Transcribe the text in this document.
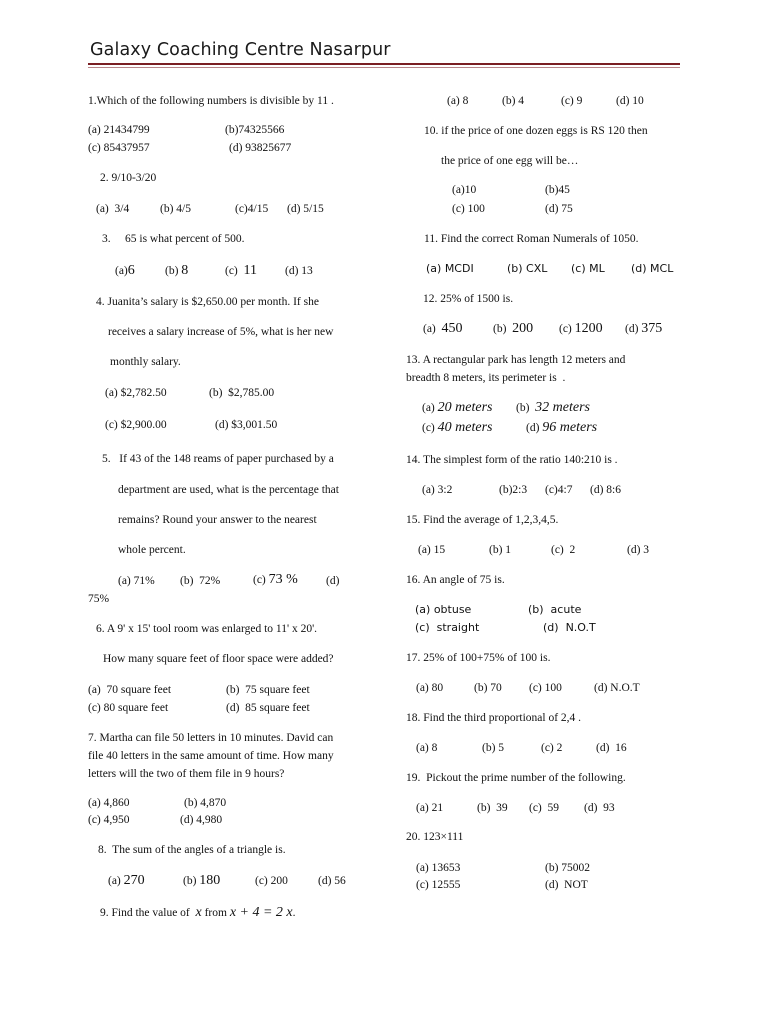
Galaxy Coaching Centre Nasarpur
1.Which of the following numbers is divisible by 11 .
(a) 21434799	(b)74325566
(c) 85437957	(d) 93825677
2. 9/10-3/20
(a)  3/4	(b) 4/5	(c)4/15 (d) 5/15
3.     65 is what percent of 500.
(a)6	(b) 8	(c) 11 (d) 13
4. Juanita’s salary is $2,650.00 per month. If she
receives a salary increase of 5%, what is her new
monthly salary.
(a) $2,782.50	(b)  $2,785.00
(c) $2,900.00	(d) $3,001.50
5.   If 43 of the 148 reams of paper purchased by a
department are used, what is the percentage that
remains? Round your answer to the nearest
whole percent.
(a) 71% (b)  72%	(c) 73 % (d)
75%
6. A 9' x 15' tool room was enlarged to 11' x 20'.
How many square feet of floor space were added?
(a)  70 square feet	(b)  75 square feet
(c) 80 square feet	(d)  85 square feet
7. Martha can file 50 letters in 10 minutes. David can
file 40 letters in the same amount of time. How many
letters will the two of them file in 9 hours?
(a) 4,860	(b) 4,870
(c) 4,950	(d) 4,980
8.  The sum of the angles of a triangle is.
(a) 270	(b) 180	(c) 200	(d) 56
9. Find the value of x from x + 4 = 2 x.
(a) 8	(b) 4	(c) 9	(d) 10
10. if the price of one dozen eggs is RS 120 then
the price of one egg will be…
(a)10	(b)45
(c) 100	(d) 75
11. Find the correct Roman Numerals of 1050.
(a) MCDI	(b) CXL (c) ML (d) MCL
12. 25% of 1500 is.
(a) 450	(b) 200 (c) 1200 (d) 375
13. A rectangular park has length 12 meters and
breadth 8 meters, its perimeter is  .
(a) 20 meters (b) 32 meters
(c) 40 meters	(d) 96 meters
14. The simplest form of the ratio 140:210 is .
(a) 3:2	(b)2:3 (c)4:7 (d) 8:6
15. Find the average of 1,2,3,4,5.
(a) 15	(b) 1	(c)  2	(d) 3
16. An angle of 75 is.
(a) obtuse	(b)  acute
(c)  straight	(d) N.O.T
17. 25% of 100+75% of 100 is.
(a) 80	(b) 70 (c) 100	(d) N.O.T
18. Find the third proportional of 2,4 .
(a) 8	(b) 5	(c) 2	(d)  16
19.  Pickout the prime number of the following.
(a) 21	(b)  39 (c)  59 (d)  93
20. 123×111
(a) 13653	(b) 75002
(c) 12555	(d)  NOT
